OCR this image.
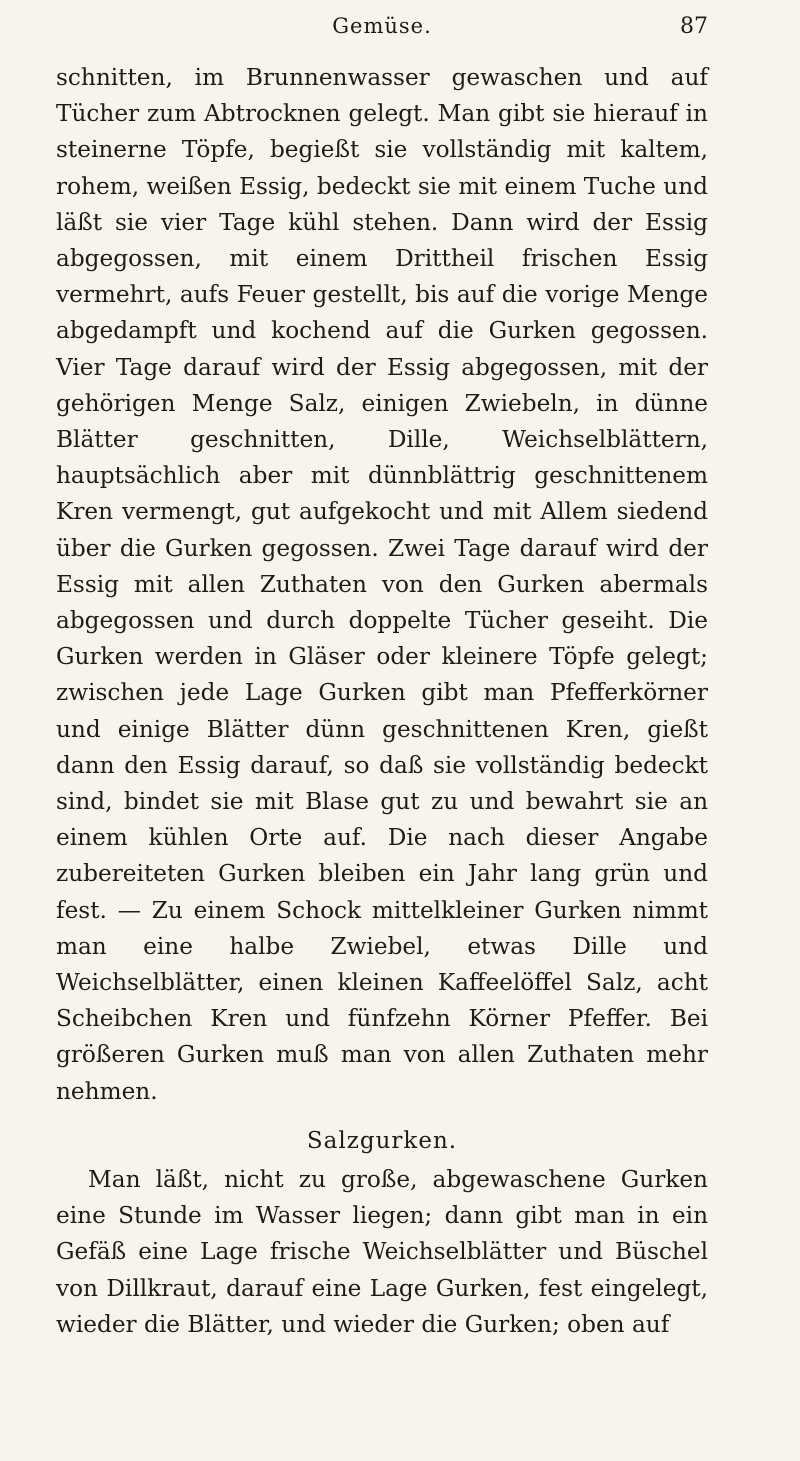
Gemüse.	87

schnitten, im Brunnenwasser gewaschen und auf Tücher zum Abtrocknen gelegt. Man gibt sie hierauf in steinerne Töpfe, begießt sie vollständig mit kaltem, rohem, weißen Essig, bedeckt sie mit einem Tuche und läßt sie vier Tage kühl stehen. Dann wird der Essig abgegossen, mit einem Drittheil frischen Essig vermehrt, aufs Feuer gestellt, bis auf die vorige Menge abgedampft und kochend auf die Gurken gegossen. Vier Tage darauf wird der Essig abgegossen, mit der gehörigen Menge Salz, einigen Zwiebeln, in dünne Blätter geschnitten, Dille, Weichselblättern, hauptsächlich aber mit dünnblättrig geschnittenem Kren vermengt, gut aufgekocht und mit Allem siedend über die Gurken gegossen. Zwei Tage darauf wird der Essig mit allen Zuthaten von den Gurken abermals abgegossen und durch doppelte Tücher geseiht. Die Gurken werden in Gläser oder kleinere Töpfe gelegt; zwischen jede Lage Gurken gibt man Pfefferkörner und einige Blätter dünn geschnittenen Kren, gießt dann den Essig darauf, so daß sie vollständig bedeckt sind, bindet sie mit Blase gut zu und bewahrt sie an einem kühlen Orte auf. Die nach dieser Angabe zubereiteten Gurken bleiben ein Jahr lang grün und fest. — Zu einem Schock mittelkleiner Gurken nimmt man eine halbe Zwiebel, etwas Dille und Weichselblätter, einen kleinen Kaffeelöffel Salz, acht Scheibchen Kren und fünfzehn Körner Pfeffer. Bei größeren Gurken muß man von allen Zuthaten mehr nehmen.

Salzgurken.

Man läßt, nicht zu große, abgewaschene Gurken eine Stunde im Wasser liegen; dann gibt man in ein Gefäß eine Lage frische Weichselblätter und Büschel von Dillkraut, darauf eine Lage Gurken, fest eingelegt, wieder die Blätter, und wieder die Gurken; oben auf
